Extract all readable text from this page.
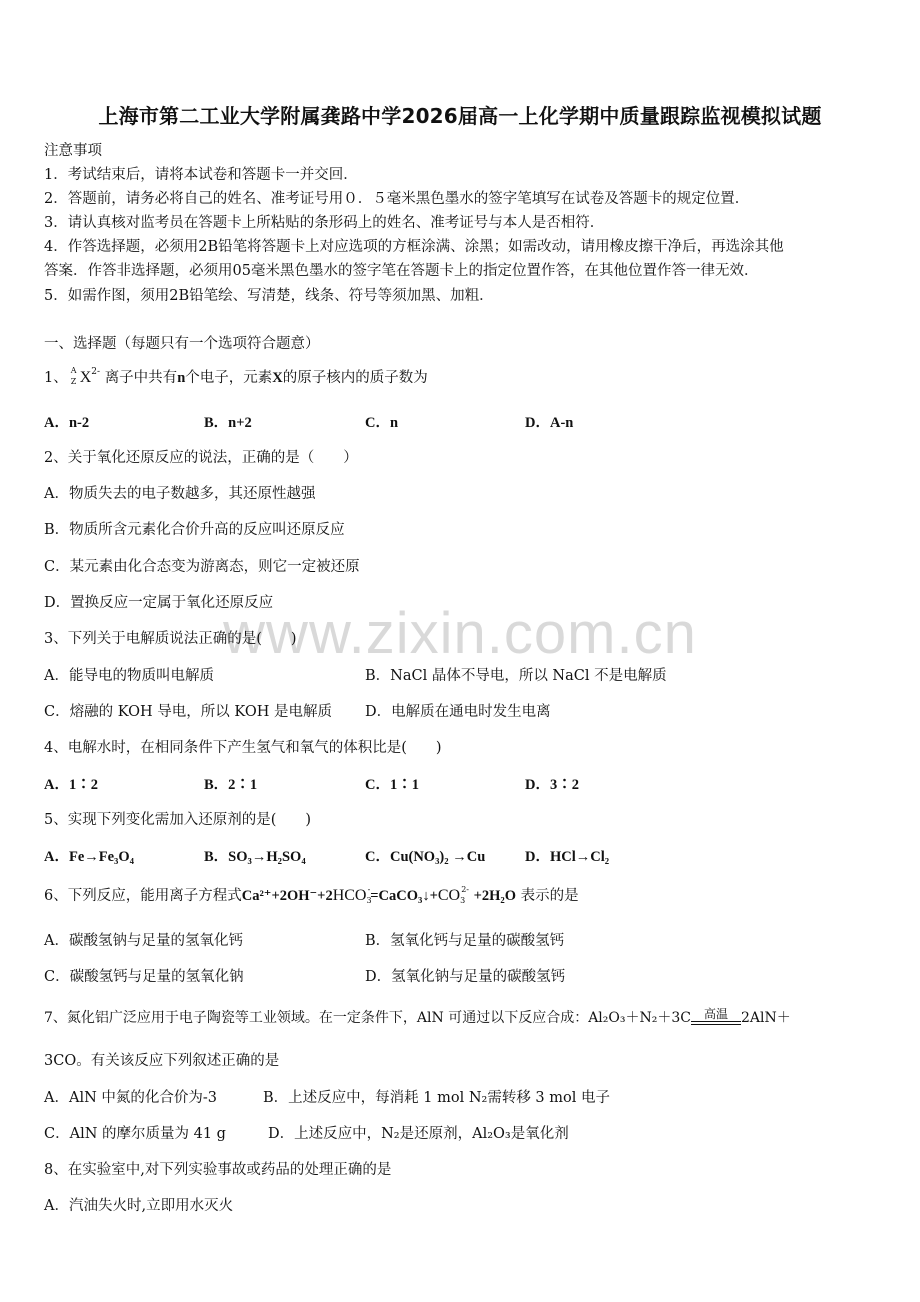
上海市第二工业大学附属龚路中学2026届高一上化学期中质量跟踪监视模拟试题
注意事项
1．考试结束后，请将本试卷和答题卡一并交回．
2．答题前，请务必将自己的姓名、准考证号用０．５毫米黑色墨水的签字笔填写在试卷及答题卡的规定位置．
3．请认真核对监考员在答题卡上所粘贴的条形码上的姓名、准考证号与本人是否相符．
4．作答选择题，必须用2B铅笔将答题卡上对应选项的方框涂满、涂黑；如需改动，请用橡皮擦干净后，再选涂其他
答案．作答非选择题，必须用05毫米黑色墨水的签字笔在答题卡上的指定位置作答，在其他位置作答一律无效．
5．如需作图，须用2B铅笔绘、写清楚，线条、符号等须加黑、加粗．
一、选择题（每题只有一个选项符合题意）
1、 A
Z $X^{2-}$ 离子中共有n个电子，元素X的原子核内的质子数为
A．n-2	B．n+2	C．n	D．A-n
2、关于氧化还原反应的说法，正确的是（　　）
A．物质失去的电子数越多，其还原性越强
B．物质所含元素化合价升高的反应叫还原反应
C．某元素由化合态变为游离态，则它一定被还原
D．置换反应一定属于氧化还原反应
www.zixin.com.cn
3、下列关于电解质说法正确的是(　　)
A．能导电的物质叫电解质	B．NaCl 晶体不导电，所以 NaCl 不是电解质
C．熔融的 KOH 导电，所以 KOH 是电解质 D．电解质在通电时发生电离
4、电解水时，在相同条件下产生氢气和氧气的体积比是(　　)
A．1∶2	B．2∶1	C．1∶1	D．3∶2
5、实现下列变化需加入还原剂的是(　　)
A．Fe→Fe₃O₄	B．SO₃→H₂SO₄	C．Cu(NO₃)₂ →Cu	D．HCl→Cl₂
6、下列反应，能用离子方程式$Ca^{2+}+2OH^-+2HCO_3^-=CaCO_3↓+CO_3^{2-} +2H_2O$ 表示的是
A．碳酸氢钠与足量的氢氧化钙	B．氢氧化钙与足量的碳酸氢钙
C．碳酸氢钙与足量的氢氧化钠	D．氢氧化钠与足量的碳酸氢钙
7、氮化铝广泛应用于电子陶瓷等工业领域。在一定条件下，AlN 可通过以下反应合成：Al₂O₃＋N₂＋3C 高温 2AlN＋
3CO。有关该反应下列叙述正确的是
A．AlN 中氮的化合价为-3	B．上述反应中，每消耗 1 mol N₂需转移 3 mol 电子
C．AlN 的摩尔质量为 41 g	D．上述反应中，N₂是还原剂，Al₂O₃是氧化剂
8、在实验室中,对下列实验事故或药品的处理正确的是
A．汽油失火时,立即用水灭火
